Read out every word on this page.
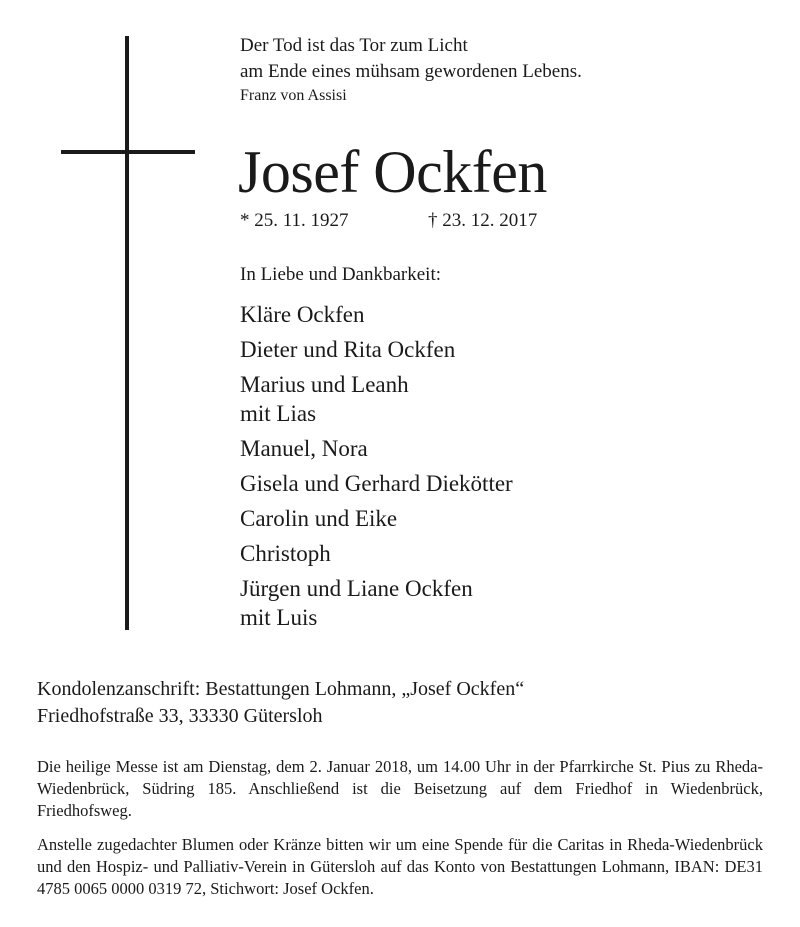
Der Tod ist das Tor zum Licht
am Ende eines mühsam gewordenen Lebens.
Franz von Assisi
Josef Ockfen
* 25. 11. 1927	† 23. 12. 2017
In Liebe und Dankbarkeit:
Kläre Ockfen
Dieter und Rita Ockfen
Marius und Leanh
mit Lias
Manuel, Nora
Gisela und Gerhard Diekötter
Carolin und Eike
Christoph
Jürgen und Liane Ockfen
mit Luis
Kondolenzanschrift: Bestattungen Lohmann, „Josef Ockfen“
Friedhofstraße 33, 33330 Gütersloh
Die heilige Messe ist am Dienstag, dem 2. Januar 2018, um 14.00 Uhr in der Pfarrkirche St. Pius zu Rheda-Wiedenbrück, Südring 185. Anschließend ist die Beisetzung auf dem Friedhof in Wiedenbrück, Friedhofsweg.
Anstelle zugedachter Blumen oder Kränze bitten wir um eine Spende für die Caritas in Rheda-Wiedenbrück und den Hospiz- und Palliativ-Verein in Gütersloh auf das Konto von Bestattungen Lohmann, IBAN: DE31 4785 0065 0000 0319 72, Stichwort: Josef Ockfen.
